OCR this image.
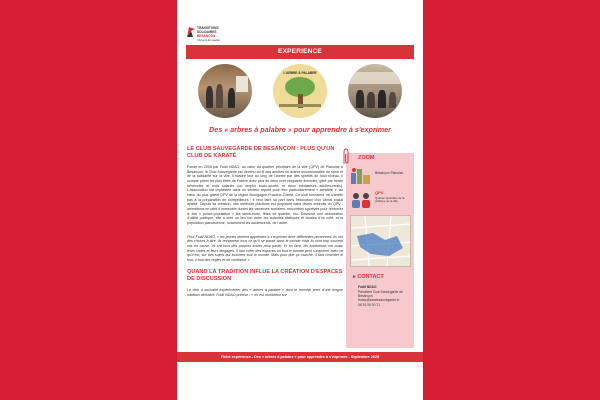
TRANSITIONS
SOLIDAIRES
BESANÇON
Citoyens de quartier
EXPERIENCE
L'ARBRE À PALABRE
Des « arbres à palabre » pour apprendre à s'exprimer
LE CLUB SAUVEGARDE DE BESANÇON : PLUS QU'UN CLUB DE KARATÉ
Fondé en 2000 par Fodil NDAO, au cœur du quartier prioritaire de la ville (QPV) de Planoise à Besançon, le Club Sauvegarde est devenu au fil des années un acteur incontournable du sport et de la solidarité sur la ville. Encadré tout au long de l'année par des sportifs de haut niveau, il compte parmi les plus titrés de France avec plus de deux cent cinquante licenciés, géré par trente bénévoles et trois salariés (un emploi socio-sportif, et deux médiateurs adultes-relais). L'association est implantée dans un secteur réputé pour être particulièrement « sensible », au cœur du plus grand QPV de la région Bourgogne-Franche-Comté. Ce club formateur ne s'arrête pas à la préparation de compétiteurs : il veut faire sa part dans l'éducation d'un climat social apaisé. Depuis sa création, une méthode d'actions est proposée dans divers endroits du QPV : animations en pied d'immeuble durant les vacances scolaires, rencontres sportives pour renforcer le lien « police-population » les week-ends, fêtes de quartier, etc. Devenue une association d'utilité publique, elle a créé un lien fort entre les autorités étatiques et locales d'un côté, et la population planoisienne, notamment les adolescents, de l'autre.
Pour Fodil NDAO, « les jeunes doivent apprendre à s'exprimer avec différentes personnes. Ils ont des choses à dire, ils ressentent tous ce qu'il se passe dans le monde mais ils sont trop souvent mis en cause. Ils ont tous des propres zones pour parler. Et en face, les institutions ont aussi leurs codes et leurs langages. Il faut créer des espaces où tout le monde peut s'exprimer avec ce qu'il est, sur des sujets qui touchent tout le monde. Mais pour que ça marche, il faut cimenter le tout, il faut des règles et de confiance ».
QUAND LA TRADITION INFLUE LA CRÉATION D'ESPACES DE DISCUSSION
Le club a souhaité expérimenter des « arbres à palabre » dont le concept vient d'une longue tradition africaine. Fodil NDAO précise : « on est nombreux sur
ZOOM
Besançon Planoise
QPV
Quartier prioritaire de la politique de la ville
▸ CONTACT
Fodil NDAO
Président Club Sauvegarde de Besançon
fndao@karatesauvegarde.fr
06 51 90 00 71
Fiche expérience - Des « arbres à palabre » pour apprendre à s'exprimer - Septembre 2025
